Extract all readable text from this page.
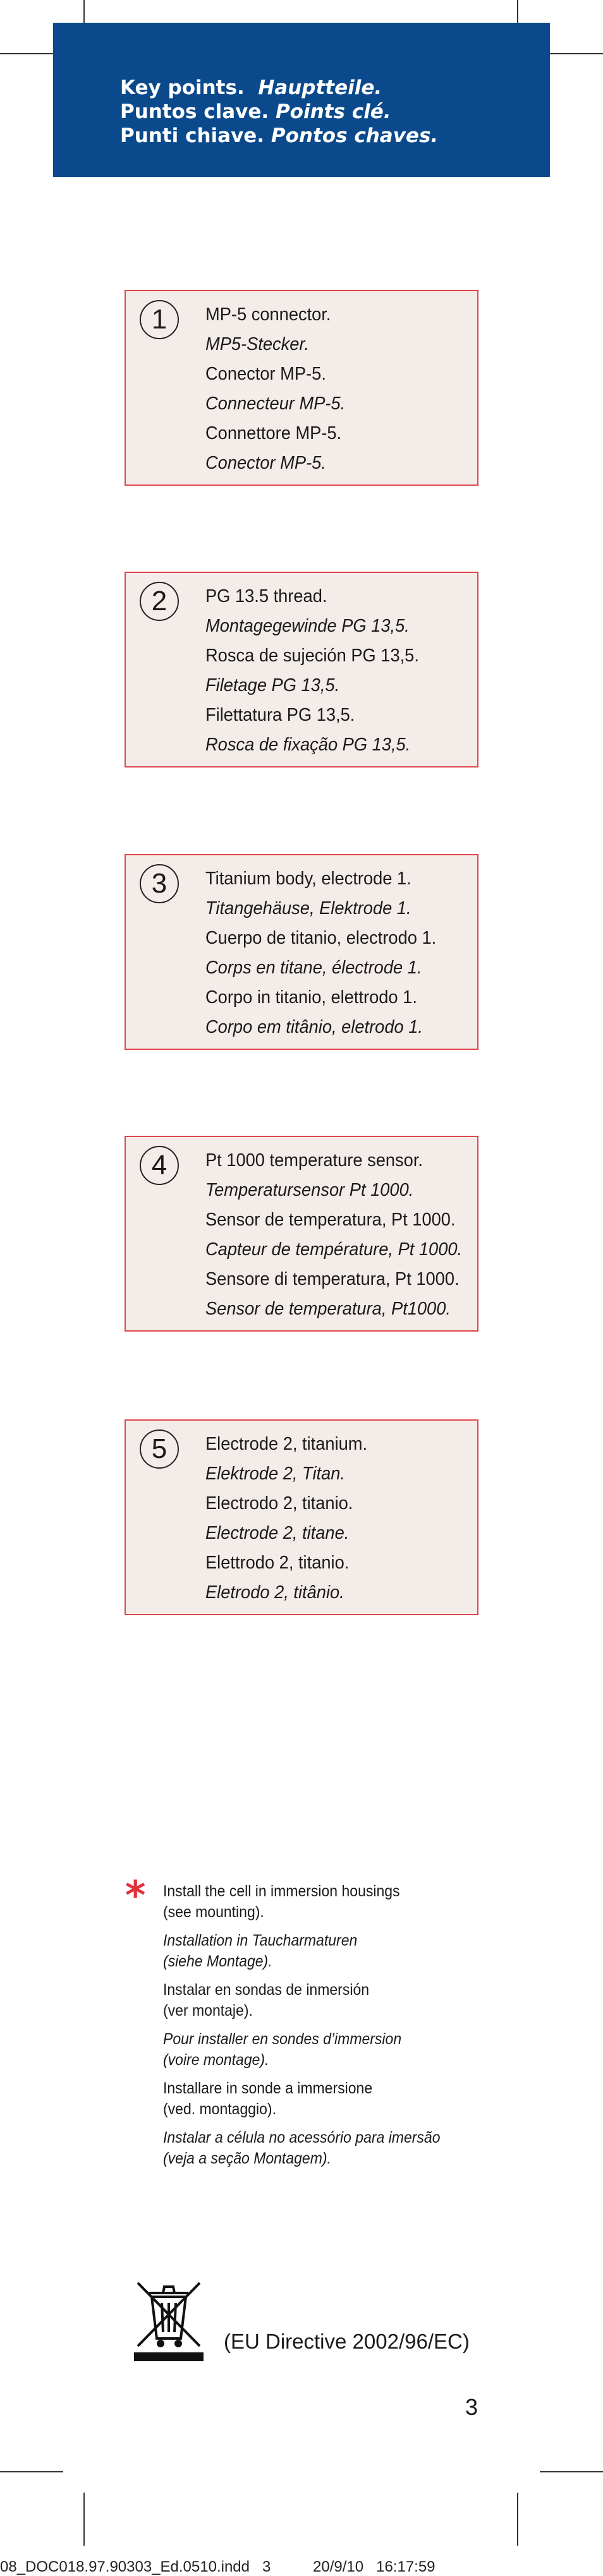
Key points. Hauptteile.
Puntos clave. Points clé.
Punti chiave. Pontos chaves.
1	MP-5 connector.
MP5-Stecker.
Conector MP-5.
Connecteur MP-5.
Connettore MP-5.
Conector MP-5.
2	PG 13.5 thread.
Montagegewinde PG 13,5.
Rosca de sujeción PG 13,5.
Filetage PG 13,5.
Filettatura PG 13,5.
Rosca de fixação PG 13,5.
3	Titanium body, electrode 1.
Titangehäuse, Elektrode 1.
Cuerpo de titanio, electrodo 1.
Corps en titane, électrode 1.
Corpo in titanio, elettrodo 1.
Corpo em titânio, eletrodo 1.
4	Pt 1000 temperature sensor.
Temperatursensor Pt 1000.
Sensor de temperatura, Pt 1000.
Capteur de température, Pt 1000.
Sensore di temperatura, Pt 1000.
Sensor de temperatura, Pt1000.
5	Electrode 2, titanium.
Elektrode 2, Titan.
Electrodo 2, titanio.
Electrode 2, titane.
Elettrodo 2, titanio.
Eletrodo 2, titânio.
* Install the cell in immersion housings
(see mounting).
Installation in Taucharmaturen
(siehe Montage).
Instalar en sondas de inmersión
(ver montaje).
Pour installer en sondes d’immersion
(voire montage).
Installare in sonde a immersione
(ved. montaggio).
Instalar a célula no acessório para imersão
(veja a seção Montagem).
(EU Directive 2002/96/EC)
3
08_DOC018.97.90303_Ed.0510.indd   3          20/9/10   16:17:59
